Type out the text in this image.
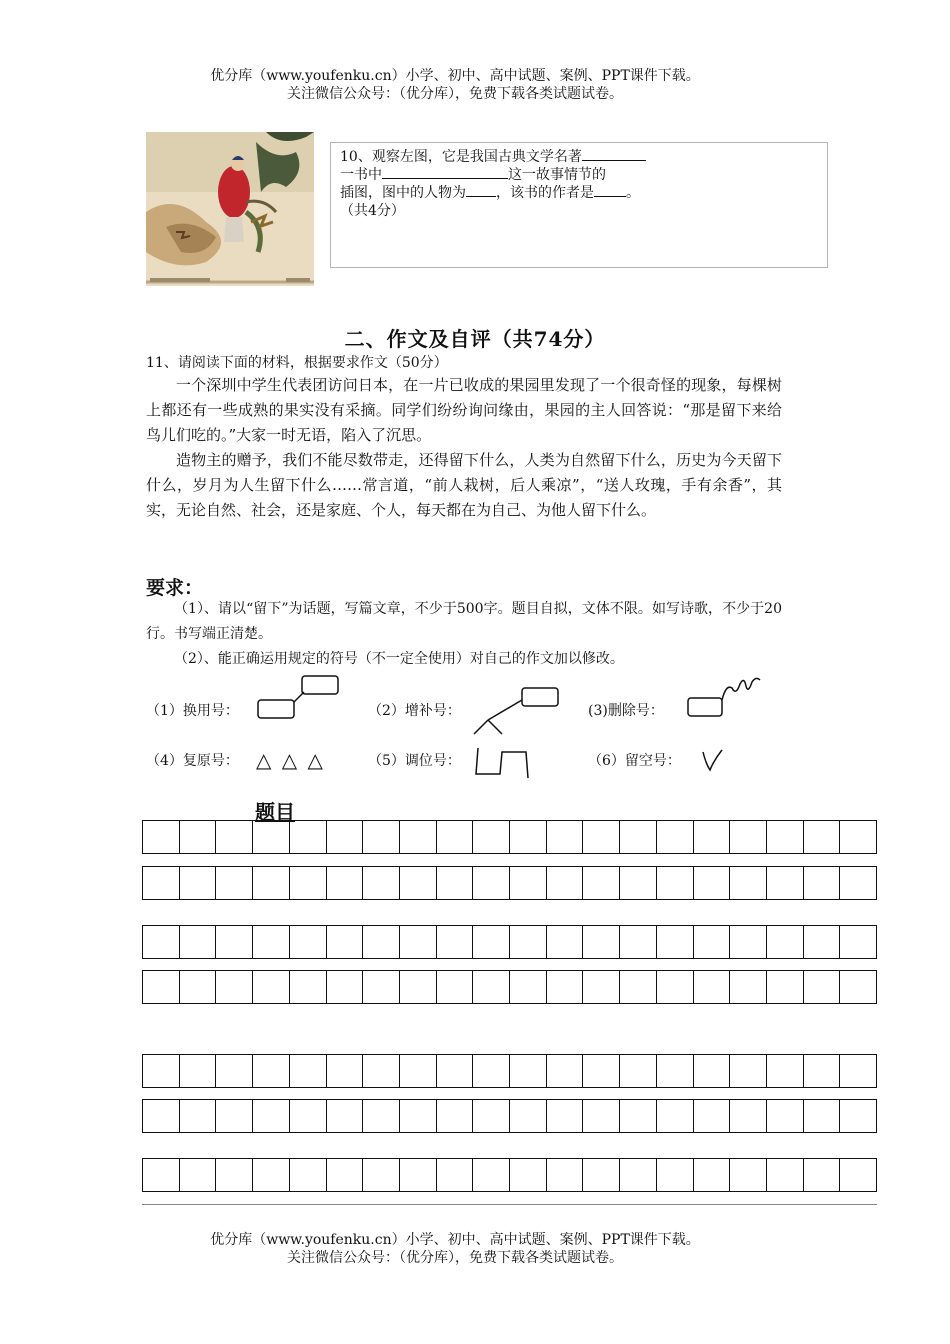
优分库（www.youfenku.cn）小学、初中、高中试题、案例、PPT课件下载。
关注微信公众号：（优分库），免费下载各类试题试卷。
10、观察左图，它是我国古典文学名著
一书中	这一故事情节的
插图，图中的人物为 ，该书的作者是 。
（共4分）
二、作文及自评（共74分）
11、请阅读下面的材料，根据要求作文（50分）

一个深圳中学生代表团访问日本，在一片已收成的果园里发现了一个很奇怪的现象，每棵树上都还有一些成熟的果实没有采摘。同学们纷纷询问缘由，果园的主人回答说：“那是留下来给鸟儿们吃的。”大家一时无语，陷入了沉思。

造物主的赠予，我们不能尽数带走，还得留下什么，人类为自然留下什么，历史为今天留下什么，岁月为人生留下什么……常言道，“前人栽树，后人乘凉”，“送人玫瑰，手有余香”，其实，无论自然、社会，还是家庭、个人，每天都在为自己、为他人留下什么。

要求：

（1）、请以“留下”为话题，写篇文章，不少于500字。题目自拟，文体不限。如写诗歌，不少于20行。书写端正清楚。

（2）、能正确运用规定的符号（不一定全使用）对自己的作文加以修改。

（1）换用号：	（2）增补号：	(3)删除号：
（4）复原号： △ △ △	（5）调位号：	（6）留空号：
题目
优分库（www.youfenku.cn）小学、初中、高中试题、案例、PPT课件下载。
关注微信公众号：（优分库），免费下载各类试题试卷。
